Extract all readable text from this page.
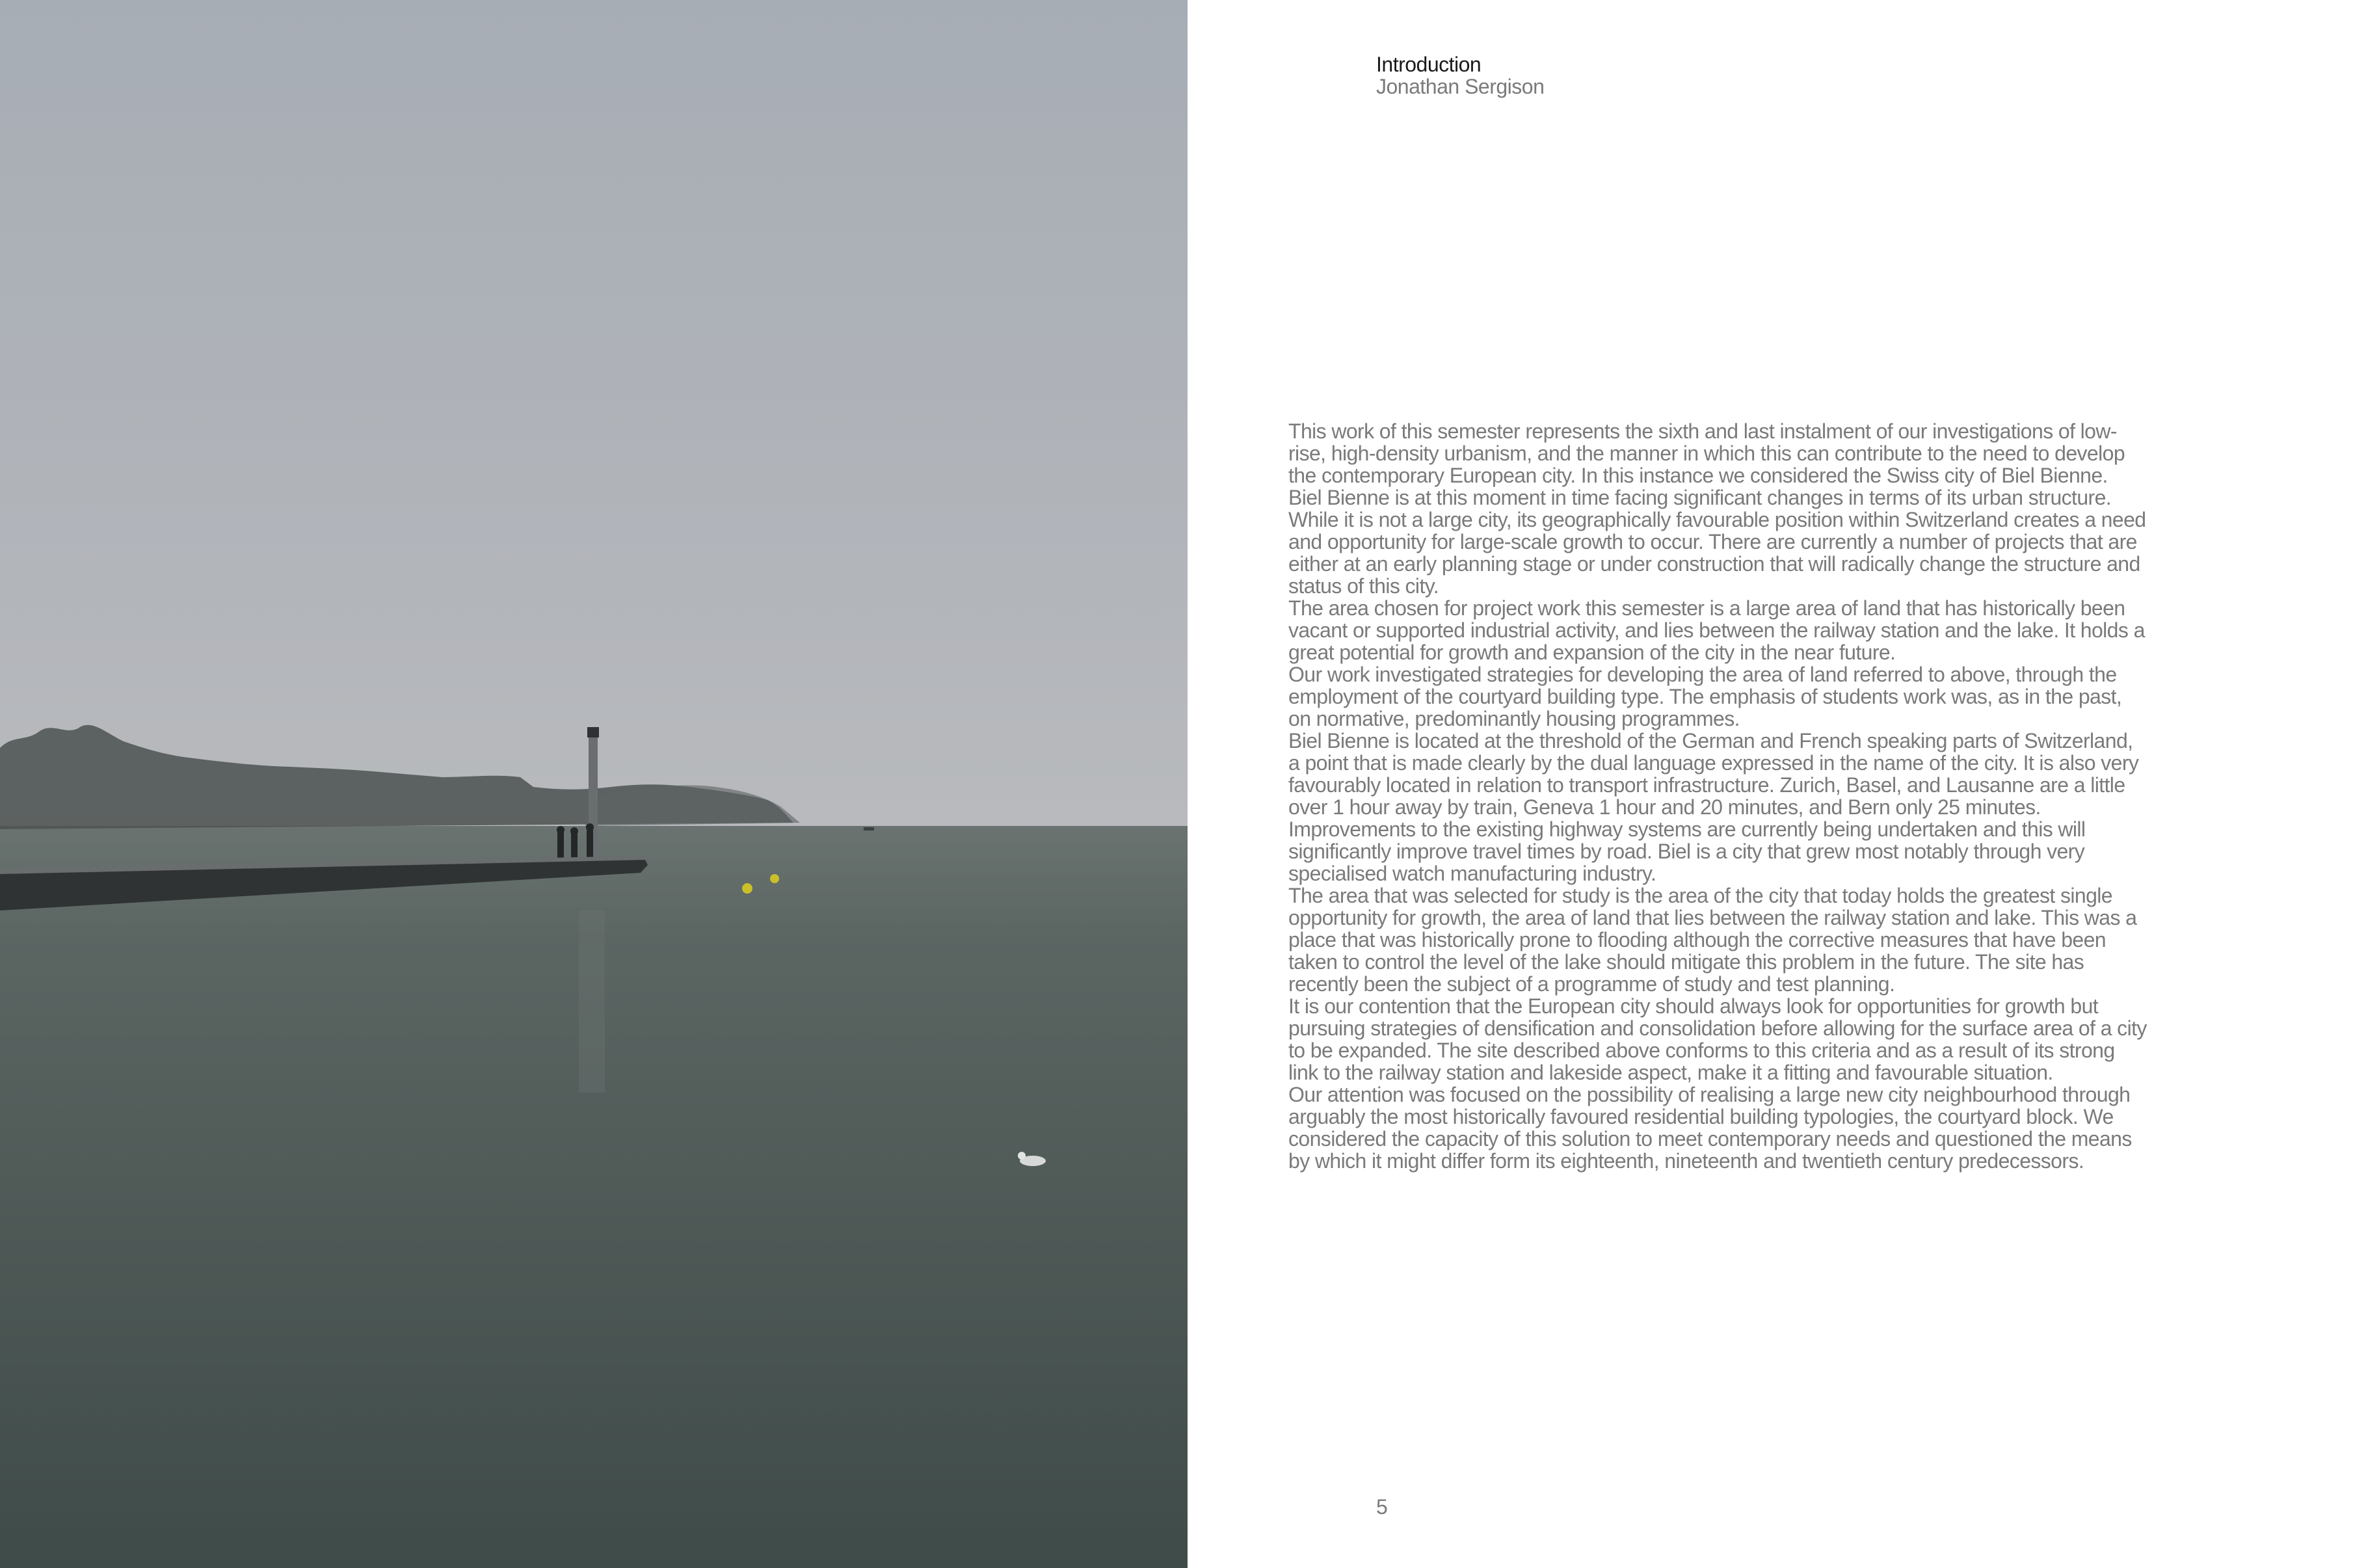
Introduction
Jonathan Sergison

This work of this semester represents the sixth and last instalment of our investigations of low-rise, high-density urbanism, and the manner in which this can contribute to the need to develop the contemporary European city. In this instance we considered the Swiss city of Biel Bienne.

Biel Bienne is at this moment in time facing significant changes in terms of its urban structure. While it is not a large city, its geographically favourable position within Switzerland creates a need and opportunity for large-scale growth to occur. There are currently a number of projects that are either at an early planning stage or under construction that will radically change the structure and status of this city.

The area chosen for project work this semester is a large area of land that has historically been vacant or supported industrial activity, and lies between the railway station and the lake. It holds a great potential for growth and expansion of the city in the near future.

Our work investigated strategies for developing the area of land referred to above, through the employment of the courtyard building type. The emphasis of students work was, as in the past, on normative, predominantly housing programmes.

Biel Bienne is located at the threshold of the German and French speaking parts of Switzerland, a point that is made clearly by the dual language expressed in the name of the city. It is also very favourably located in relation to transport infrastructure. Zurich, Basel, and Lausanne are a little over 1 hour away by train, Geneva 1 hour and 20 minutes, and Bern only 25 minutes. Improvements to the existing highway systems are currently being undertaken and this will significantly improve travel times by road. Biel is a city that grew most notably through very specialised watch manufacturing industry.

The area that was selected for study is the area of the city that today holds the greatest single opportunity for growth, the area of land that lies between the railway station and lake. This was a place that was historically prone to flooding although the corrective measures that have been taken to control the level of the lake should mitigate this problem in the future. The site has recently been the subject of a programme of study and test planning.

It is our contention that the European city should always look for opportunities for growth but pursuing strategies of densification and consolidation before allowing for the surface area of a city to be expanded. The site described above conforms to this criteria and as a result of its strong link to the railway station and lakeside aspect, make it a fitting and favourable situation.

Our attention was focused on the possibility of realising a large new city neighbourhood through arguably the most historically favoured residential building typologies, the courtyard block. We considered the capacity of this solution to meet contemporary needs and questioned the means by which it might differ form its eighteenth, nineteenth and twentieth century predecessors.

5
